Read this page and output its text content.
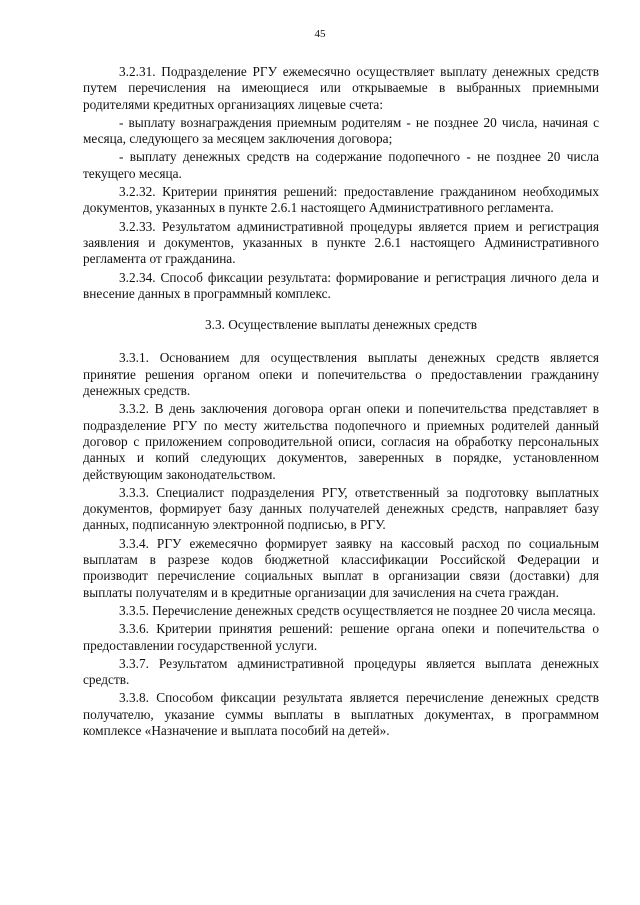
45

3.2.31. Подразделение РГУ ежемесячно осуществляет выплату денежных средств путем перечисления на имеющиеся или открываемые в выбранных приемными родителями кредитных организациях лицевые счета:

- выплату вознаграждения приемным родителям - не позднее 20 числа, начиная с месяца, следующего за месяцем заключения договора;

- выплату денежных средств на содержание подопечного - не позднее 20 числа текущего месяца.

3.2.32. Критерии принятия решений: предоставление гражданином необходимых документов, указанных в пункте 2.6.1 настоящего Административного регламента.

3.2.33. Результатом административной процедуры является прием и регистрация заявления и документов, указанных в пункте 2.6.1 настоящего Административного регламента от гражданина.

3.2.34. Способ фиксации результата: формирование и регистрация личного дела и внесение данных в программный комплекс.

3.3. Осуществление выплаты денежных средств

3.3.1. Основанием для осуществления выплаты денежных средств является принятие решения органом опеки и попечительства о предоставлении гражданину денежных средств.

3.3.2. В день заключения договора орган опеки и попечительства представляет в подразделение РГУ по месту жительства подопечного и приемных родителей данный договор с приложением сопроводительной описи, согласия на обработку персональных данных и копий следующих документов, заверенных в порядке, установленном действующим законодательством.

3.3.3. Специалист подразделения РГУ, ответственный за подготовку выплатных документов, формирует базу данных получателей денежных средств, направляет базу данных, подписанную электронной подписью, в РГУ.

3.3.4. РГУ ежемесячно формирует заявку на кассовый расход по социальным выплатам в разрезе кодов бюджетной классификации Российской Федерации и производит перечисление социальных выплат в организации связи (доставки) для выплаты получателям и в кредитные организации для зачисления на счета граждан.

3.3.5. Перечисление денежных средств осуществляется не позднее 20 числа месяца.

3.3.6. Критерии принятия решений: решение органа опеки и попечительства о предоставлении государственной услуги.

3.3.7. Результатом административной процедуры является выплата денежных средств.

3.3.8. Способом фиксации результата является перечисление денежных средств получателю, указание суммы выплаты в выплатных документах, в программном комплексе «Назначение и выплата пособий на детей».
